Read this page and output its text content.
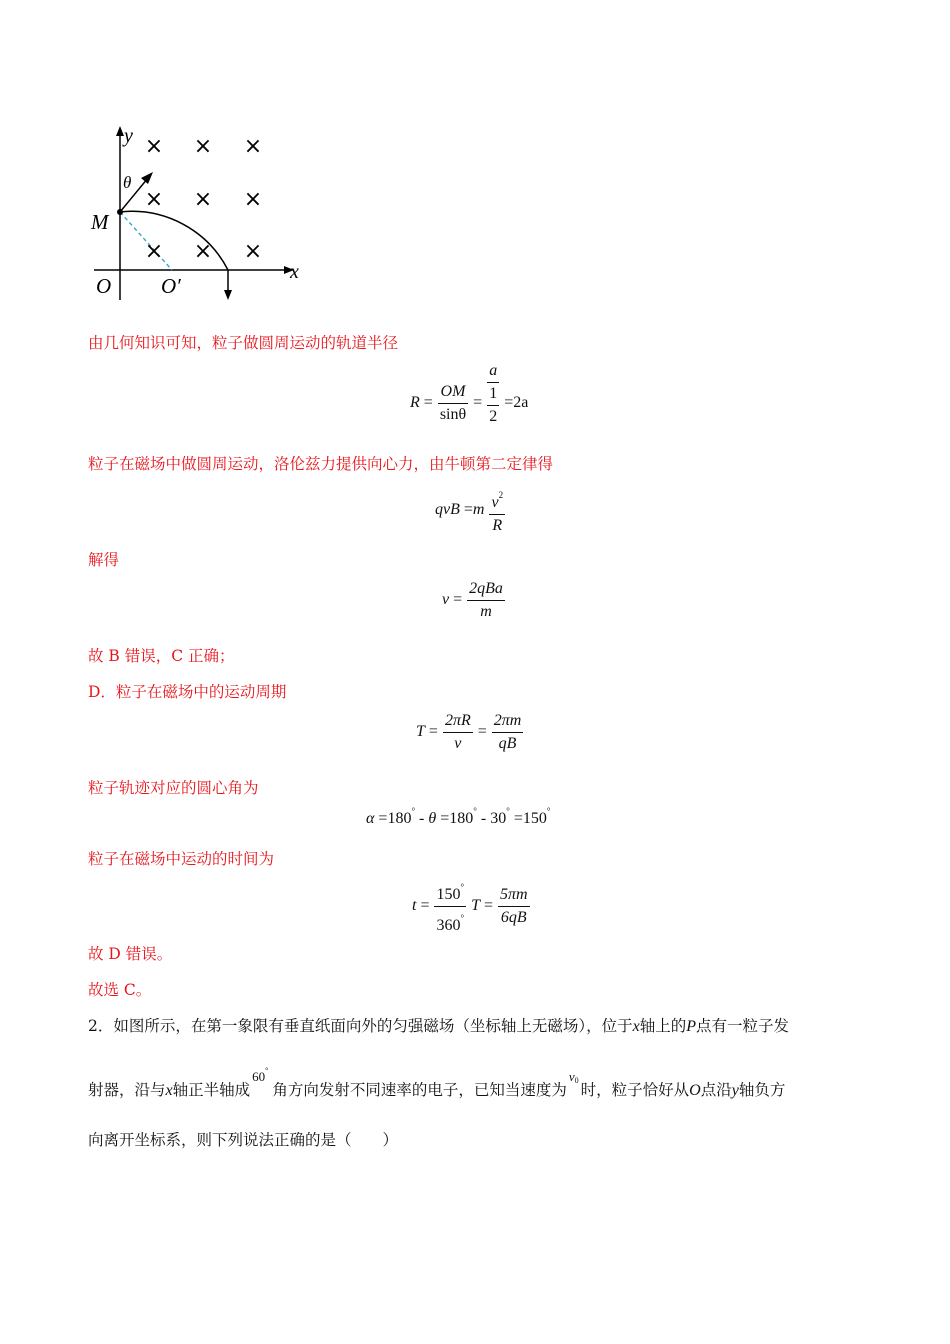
× × ×
× × ×
× × ×
y
x
M
O O′
θ
由几何知识可知，粒子做圆周运动的轨道半径
$R = \frac{OM}{\sin\theta}$ =
a
1
2
=2a
粒子在磁场中做圆周运动，洛伦兹力提供向心力，由牛顿第二定律得
qvB $=m \frac{v^2}{R}$
解得
$v = \frac{\text{2qBa}}{m}$
故 B 错误，C 正确；
D．粒子在磁场中的运动周期
$T = \frac{2\pi R}{v} = \frac{2\pi m}{qB}$
粒子轨迹对应的圆心角为
α =180° - θ =180° - 30° =150°
粒子在磁场中运动的时间为
$t = \frac{150^\circ}{360^\circ}$ $T = \frac{5\pi m}{6qB}$
故 D 错误。
故选 C。
2．如图所示，在第一象限有垂直纸面向外的匀强磁场（坐标轴上无磁场），位于x轴上的P点有一粒子发
射器，沿与x轴正半轴成$^{60^\circ}$角方向发射不同速率的电子，已知当速度为$^{v0}$时，粒子恰好从O点沿y轴负方
向离开坐标系，则下列说法正确的是（　　）
